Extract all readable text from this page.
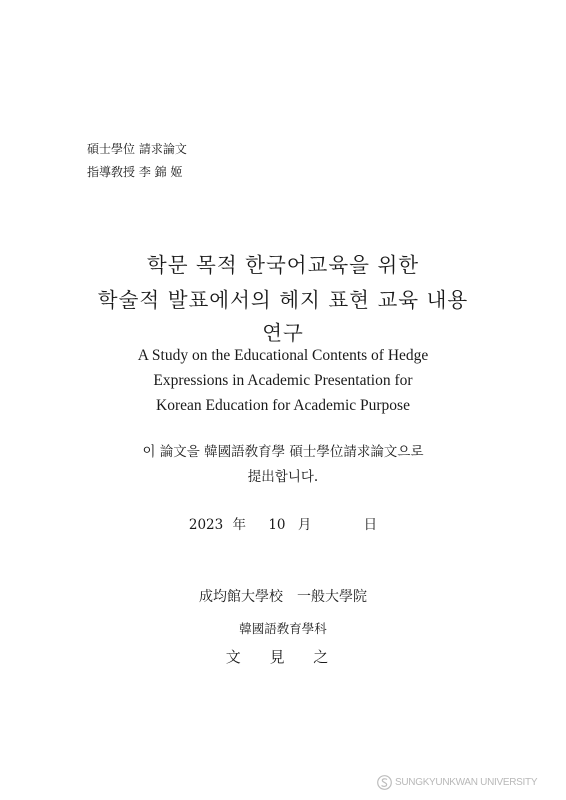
碩士學位 請求論文
指導敎授 李 錦 姬
학문 목적 한국어교육을 위한
학술적 발표에서의 헤지 표현 교육 내용
연구
A Study on the Educational Contents of Hedge
Expressions in Academic Presentation for
Korean Education for Academic Purpose
이 論文을 韓國語敎育學 碩士學位請求論文으로
提出합니다.
2023 年 10 月	日
成均館大學校　一般大學院
韓國語敎育學科
文 見 之
SUNGKYUNKWAN UNIVERSITY
